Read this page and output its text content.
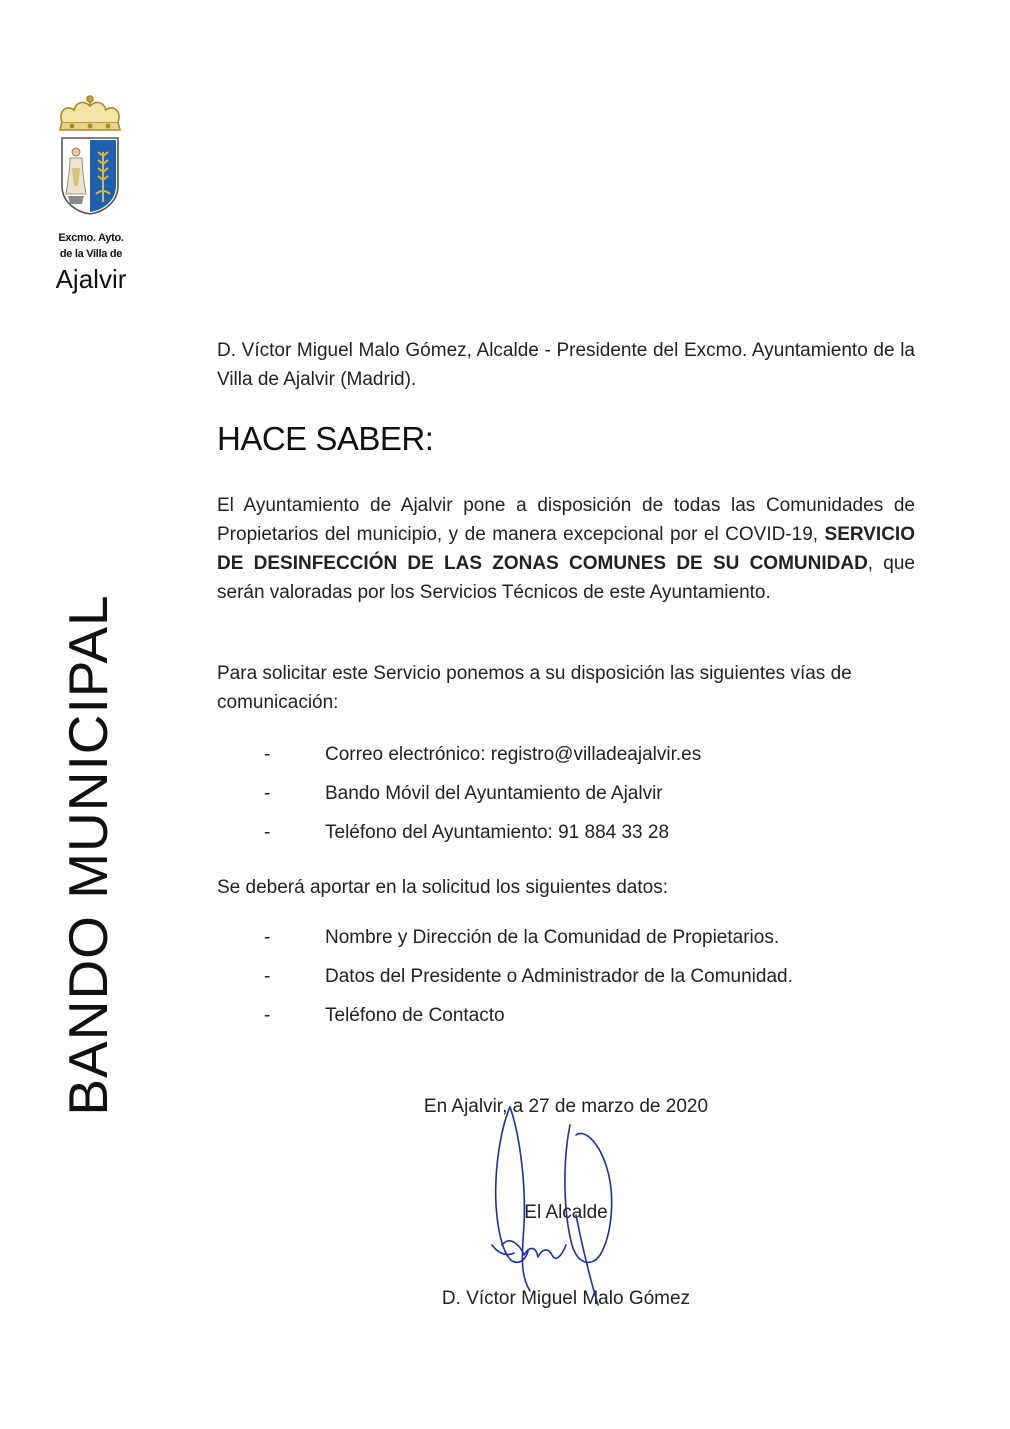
Excmo. Ayto.
de la Villa de
Ajalvir
BANDO MUNICIPAL
D. Víctor Miguel Malo Gómez, Alcalde - Presidente del Excmo. Ayuntamiento de la Villa de Ajalvir (Madrid).
HACE SABER:
El Ayuntamiento de Ajalvir pone a disposición de todas las Comunidades de Propietarios del municipio, y de manera excepcional por el COVID-19, SERVICIO DE DESINFECCIÓN DE LAS ZONAS COMUNES DE SU COMUNIDAD, que serán valoradas por los Servicios Técnicos de este Ayuntamiento.
Para solicitar este Servicio ponemos a su disposición las siguientes vías de comunicación:
-	Correo electrónico: registro@villadeajalvir.es
-	Bando Móvil del Ayuntamiento de Ajalvir
-	Teléfono del Ayuntamiento: 91 884 33 28
Se deberá aportar en la solicitud los siguientes datos:
-	Nombre y Dirección de la Comunidad de Propietarios.
-	Datos del Presidente o Administrador de la Comunidad.
-	Teléfono de Contacto
En Ajalvir, a 27 de marzo de 2020
El Alcalde
D. Víctor Miguel Malo Gómez
